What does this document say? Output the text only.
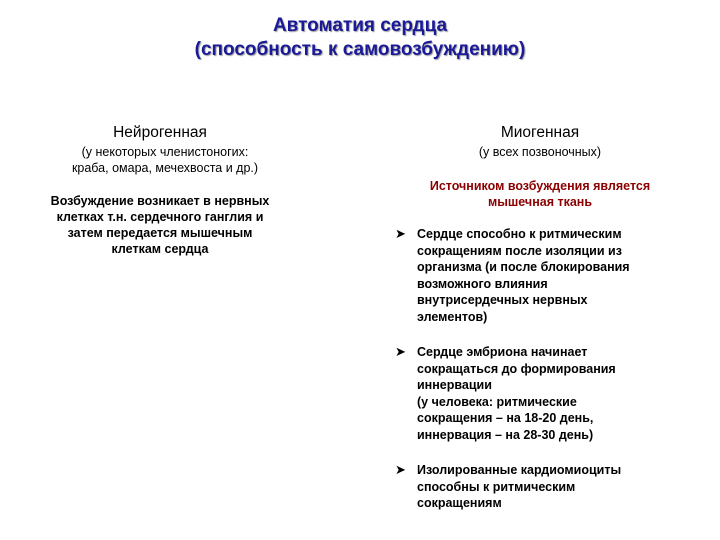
Автоматия сердца
(способность к самовозбуждению)
Нейрогенная
(у некоторых членистоногих:
краба, омара, мечехвоста и др.)
Возбуждение возникает в нервных
клетках т.н. сердечного ганглия и
затем передается мышечным
клеткам сердца
Миогенная
(у всех позвоночных)
Источником возбуждения является
мышечная ткань
➤ Сердце способно к ритмическим
сокращениям после изоляции из
организма (и после блокирования
возможного влияния
внутрисердечных нервных
элементов)
➤ Сердце эмбриона начинает
сокращаться до формирования
иннервации
(у человека: ритмические
сокращения – на 18-20 день,
иннервация – на 28-30 день)
➤ Изолированные кардиомиоциты
способны к ритмическим
сокращениям
